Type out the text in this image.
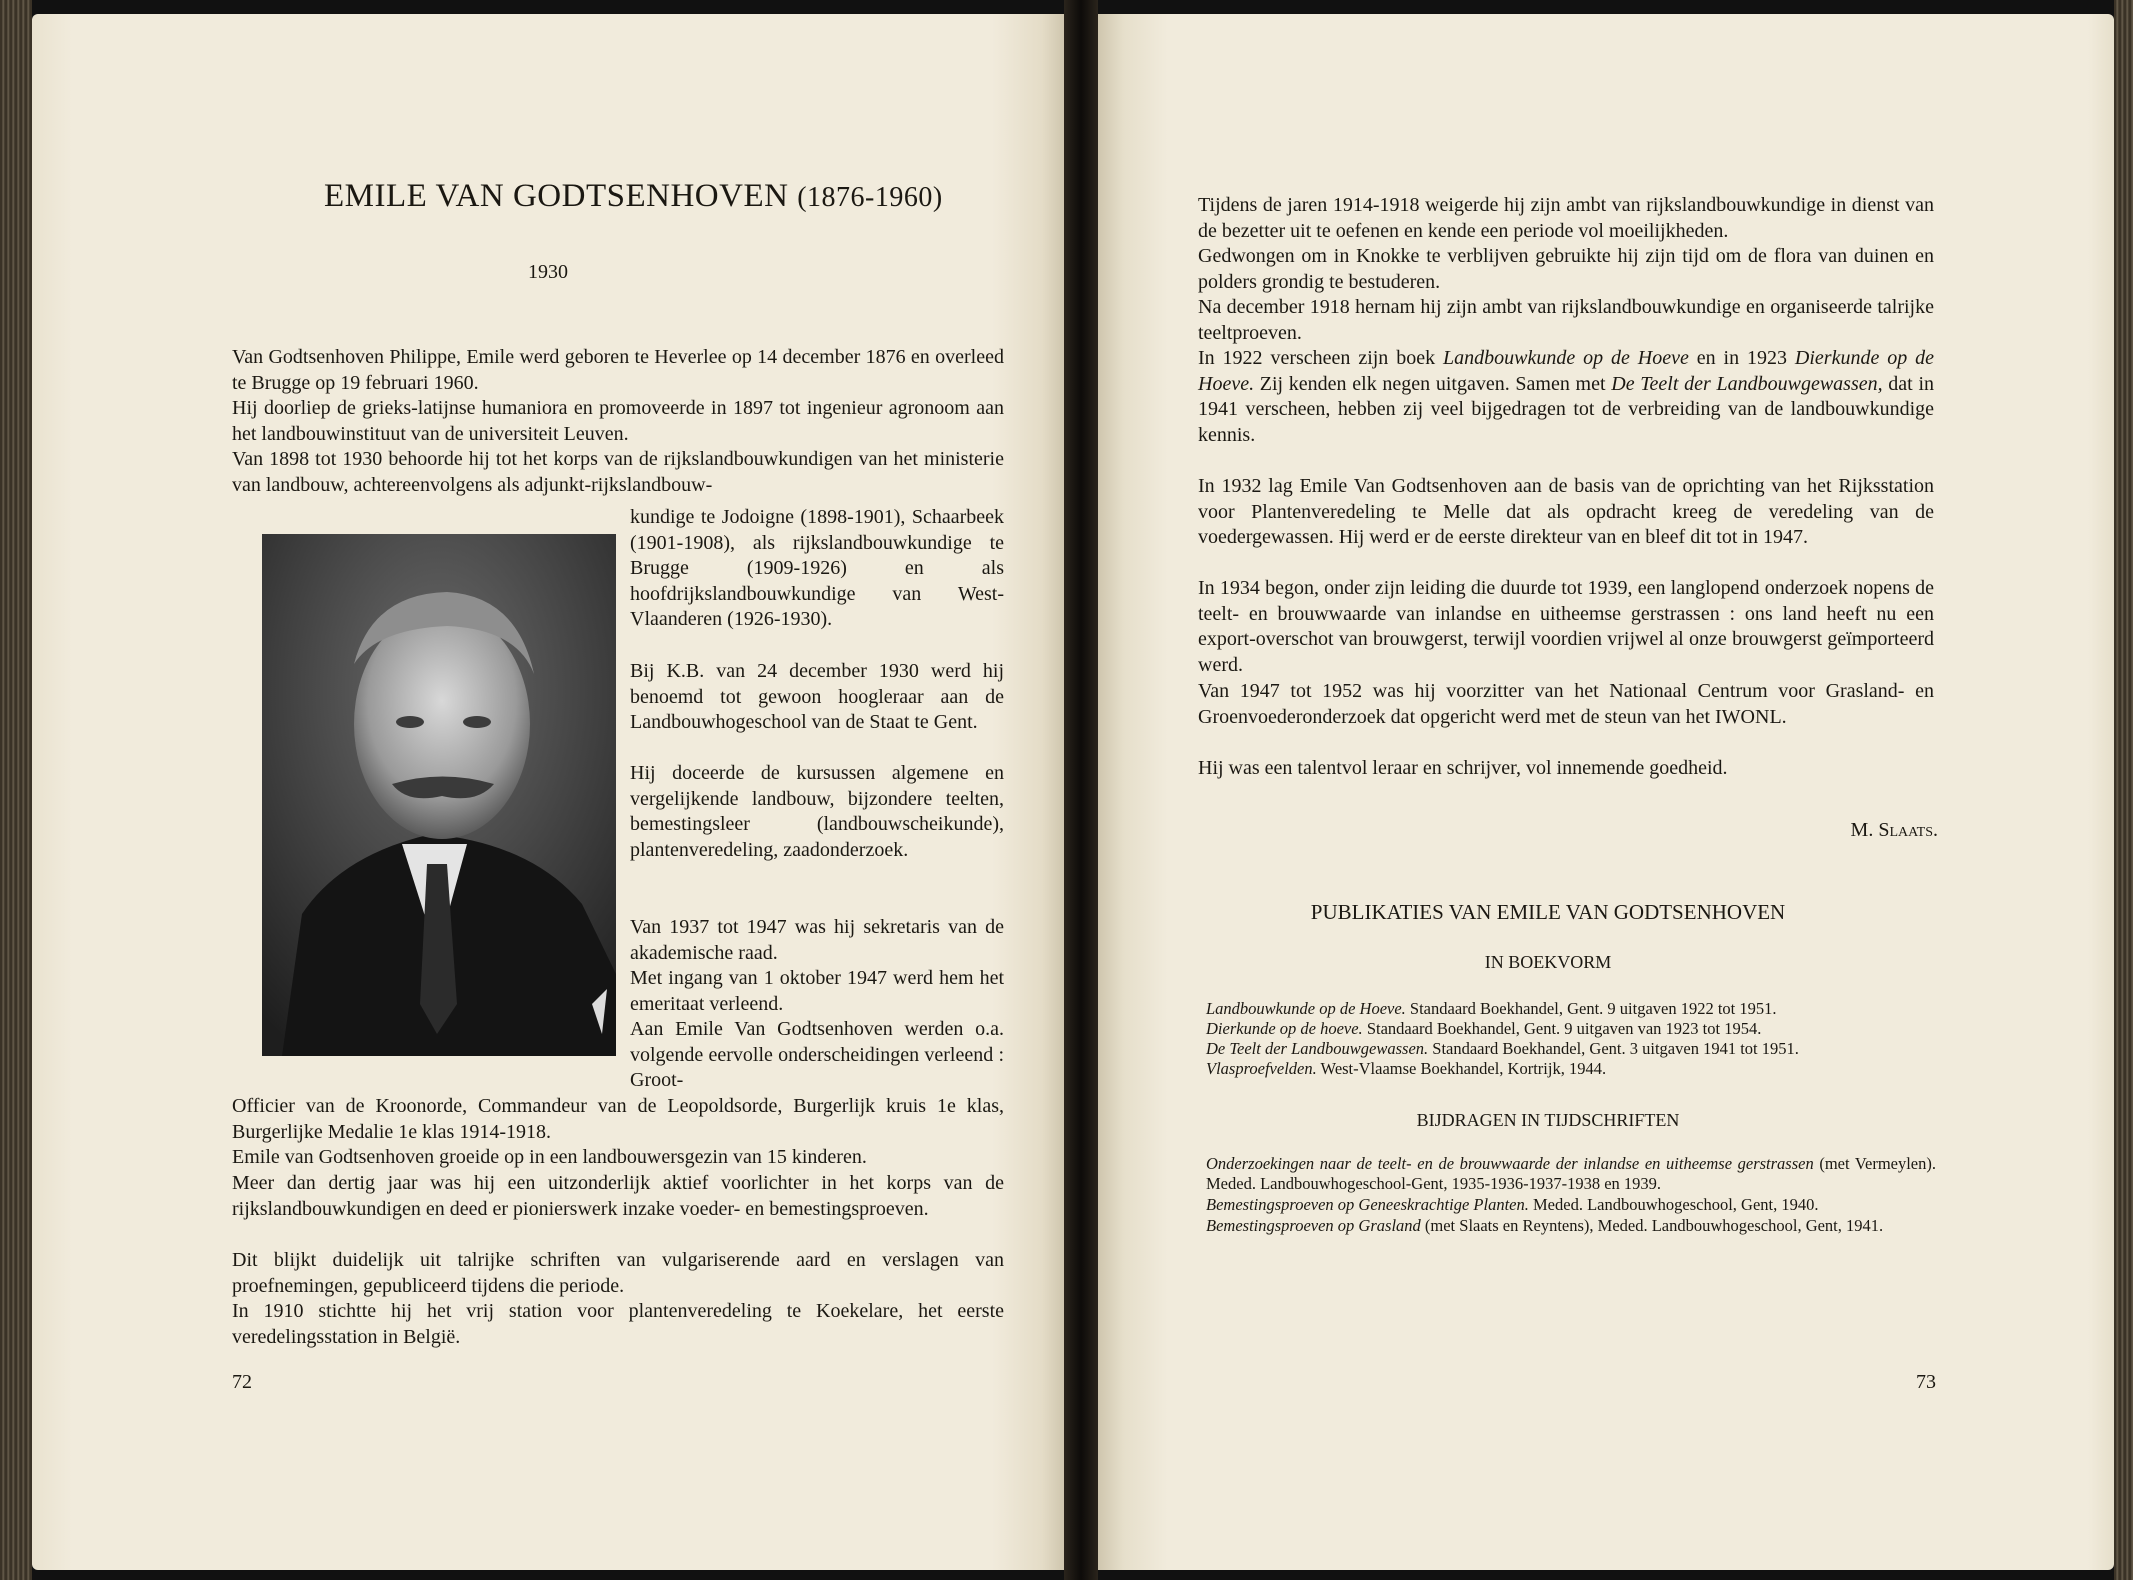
EMILE VAN GODTSENHOVEN (1876-1960)

1930

Van Godtsenhoven Philippe, Emile werd geboren te Heverlee op 14 december 1876 en overleed te Brugge op 19 februari 1960.

Hij doorliep de grieks-latijnse humaniora en promoveerde in 1897 tot ingenieur agronoom aan het landbouwinstituut van de universiteit Leuven.

Van 1898 tot 1930 behoorde hij tot het korps van de rijkslandbouwkundigen van het ministerie van landbouw, achtereenvolgens als adjunkt-rijkslandbouw-

kundige te Jodoigne (1898-1901), Schaarbeek (1901-1908), als rijkslandbouwkundige te Brugge (1909-1926) en als hoofdrijkslandbouwkundige van West-Vlaanderen (1926-1930).

Bij K.B. van 24 december 1930 werd hij benoemd tot gewoon hoogleraar aan de Landbouwhogeschool van de Staat te Gent.

Hij doceerde de kursussen algemene en vergelijkende landbouw, bijzondere teelten, bemestingsleer (landbouwscheikunde), plantenveredeling, zaadonderzoek.

Van 1937 tot 1947 was hij sekretaris van de akademische raad.

Met ingang van 1 oktober 1947 werd hem het emeritaat verleend.

Aan Emile Van Godtsenhoven werden o.a. volgende eervolle onderscheidingen verleend : Groot-

Officier van de Kroonorde, Commandeur van de Leopoldsorde, Burgerlijk kruis 1e klas, Burgerlijke Medalie 1e klas 1914-1918.

Emile van Godtsenhoven groeide op in een landbouwersgezin van 15 kinderen.

Meer dan dertig jaar was hij een uitzonderlijk aktief voorlichter in het korps van de rijkslandbouwkundigen en deed er pionierswerk inzake voeder- en bemestingsproeven.

Dit blijkt duidelijk uit talrijke schriften van vulgariserende aard en verslagen van proefnemingen, gepubliceerd tijdens die periode.

In 1910 stichtte hij het vrij station voor plantenveredeling te Koekelare, het eerste veredelingsstation in België.

72

Tijdens de jaren 1914-1918 weigerde hij zijn ambt van rijkslandbouwkundige in dienst van de bezetter uit te oefenen en kende een periode vol moeilijkheden.

Gedwongen om in Knokke te verblijven gebruikte hij zijn tijd om de flora van duinen en polders grondig te bestuderen.

Na december 1918 hernam hij zijn ambt van rijkslandbouwkundige en organiseerde talrijke teeltproeven.

In 1922 verscheen zijn boek Landbouwkunde op de Hoeve en in 1923 Dierkunde op de Hoeve. Zij kenden elk negen uitgaven. Samen met De Teelt der Landbouwgewassen, dat in 1941 verscheen, hebben zij veel bijgedragen tot de verbreiding van de landbouwkundige kennis.

In 1932 lag Emile Van Godtsenhoven aan de basis van de oprichting van het Rijksstation voor Plantenveredeling te Melle dat als opdracht kreeg de veredeling van de voedergewassen. Hij werd er de eerste direkteur van en bleef dit tot in 1947.

In 1934 begon, onder zijn leiding die duurde tot 1939, een langlopend onderzoek nopens de teelt- en brouwwaarde van inlandse en uitheemse gerstrassen : ons land heeft nu een export-overschot van brouwgerst, terwijl voordien vrijwel al onze brouwgerst geïmporteerd werd.

Van 1947 tot 1952 was hij voorzitter van het Nationaal Centrum voor Grasland- en Groenvoederonderzoek dat opgericht werd met de steun van het IWONL.

Hij was een talentvol leraar en schrijver, vol innemende goedheid.

M. Slaats.

PUBLIKATIES VAN EMILE VAN GODTSENHOVEN

IN BOEKVORM

Landbouwkunde op de Hoeve. Standaard Boekhandel, Gent. 9 uitgaven 1922 tot 1951.

Dierkunde op de hoeve. Standaard Boekhandel, Gent. 9 uitgaven van 1923 tot 1954.

De Teelt der Landbouwgewassen. Standaard Boekhandel, Gent. 3 uitgaven 1941 tot 1951.

Vlasproefvelden. West-Vlaamse Boekhandel, Kortrijk, 1944.

BIJDRAGEN IN TIJDSCHRIFTEN

Onderzoekingen naar de teelt- en de brouwwaarde der inlandse en uitheemse gerstrassen (met Vermeylen). Meded. Landbouwhogeschool-Gent, 1935-1936-1937-1938 en 1939.

Bemestingsproeven op Geneeskrachtige Planten. Meded. Landbouwhogeschool, Gent, 1940.

Bemestingsproeven op Grasland (met Slaats en Reyntens), Meded. Landbouwhogeschool, Gent, 1941.

73
